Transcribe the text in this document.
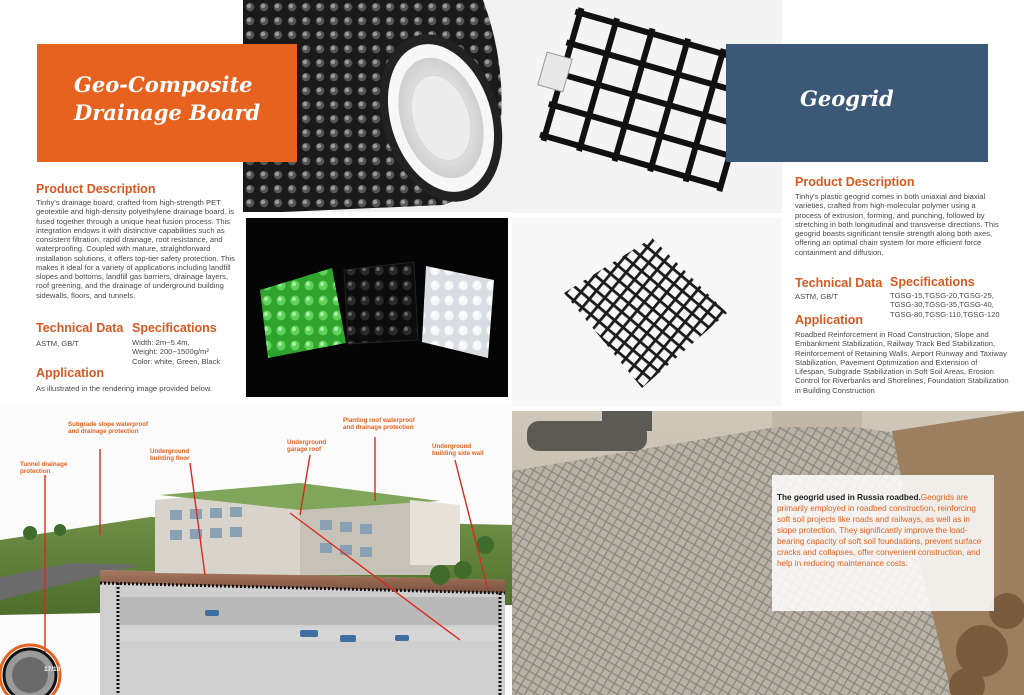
Geo-Composite
Drainage Board
Product Description

Tinhy's drainage board, crafted from high-strength PET geotextile and high-density polyethylene drainage board, is fused together through a unique heat fusion process. This integration endows it with distinctive capabilities such as consistent filtration, rapid drainage, root resistance, and waterproofing. Coupled with mature, straightforward installation solutions, it offers top-tier safety protection. This makes it ideal for a variety of applications including landfill slopes and bottoms, landfill gas barriers, drainage layers, roof greening, and the drainage of underground building sidewalls, floors, and tunnels.

Technical Data
ASTM, GB/T
Specifications
Width: 2m~5.4m,
Weight: 200~1500g/m²
Color: white, Green, Black
Application
As illustrated in the rendering image provided below.
Subgrade slope waterproof
and drainage protection
Tunnel drainage
protection
Underground
building floor
Underground
garage roof
Planting roof waterproof
and drainage protection
Underground
building side wall
17/18
Geogrid
Product Description

Tinhy's plastic geogrid comes in both uniaxial and biaxial varieties, crafted from high-molecular polymer using a process of extrusion, forming, and punching, followed by stretching in both longitudinal and transverse directions. This geogrid boasts significant tensile strength along both axes, offering an optimal chain system for more efficient force containment and diffusion.

Technical Data
ASTM, GB/T
Specifications
TGSG-15,TGSG-20,TGSG-25,
TGSG-30,TGSG-35,TGSG-40,
TGSG-80,TGSG-110,TGSG-120
Application

Roadbed Reinforcement in Road Construction, Slope and Embankment Stabilization, Railway Track Bed Stabilization, Reinforcement of Retaining Walls, Airport Runway and Taxiway Stabilization, Pavement Optimization and Extension of Lifespan, Subgrade Stabilization in Soft Soil Areas, Erosion Control for Riverbanks and Shorelines, Foundation Stabilization in Building Construction

The geogrid used in Russia roadbed.Geogrids are primarily employed in roadbed construction, reinforcing soft soil projects like roads and railways, as well as in slope protection. They significantly improve the load-bearing capacity of soft soil foundations, prevent surface cracks and collapses, offer convenient construction, and help in reducing maintenance costs.
